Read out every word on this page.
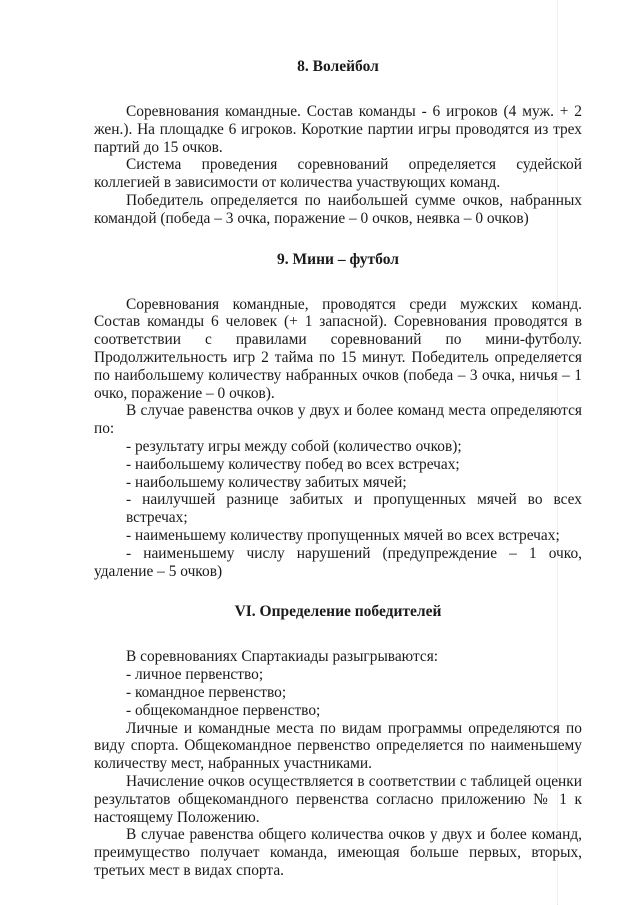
8. Волейбол

Соревнования командные. Состав команды - 6 игроков (4 муж. + 2 жен.). На площадке 6 игроков. Короткие партии игры проводятся из трех партий до 15 очков.

Система проведения соревнований определяется судейской коллегией в зависимости от количества участвующих команд.

Победитель определяется по наибольшей сумме очков, набранных командой (победа – 3 очка, поражение – 0 очков, неявка – 0 очков)

9. Мини – футбол

Соревнования командные, проводятся среди мужских команд. Состав команды 6 человек (+ 1 запасной). Соревнования проводятся в соответствии с правилами соревнований по мини-футболу. Продолжительность игр 2 тайма по 15 минут. Победитель определяется по наибольшему количеству набранных очков (победа – 3 очка, ничья – 1 очко, поражение – 0 очков).

В случае равенства очков у двух и более команд места определяются по:

- результату игры между собой (количество очков);

- наибольшему количеству побед во всех встречах;

- наибольшему количеству забитых мячей;

- наилучшей разнице забитых и пропущенных мячей во всех встречах;

- наименьшему количеству пропущенных мячей во всех встречах;

- наименьшему числу нарушений (предупреждение – 1 очко, удаление – 5 очков)

VI. Определение победителей

В соревнованиях Спартакиады разыгрываются:

- личное первенство;

- командное первенство;

- общекомандное первенство;

Личные и командные места по видам программы определяются по виду спорта. Общекомандное первенство определяется по наименьшему количеству мест, набранных участниками.

Начисление очков осуществляется в соответствии с таблицей оценки результатов общекомандного первенства согласно приложению № 1 к настоящему Положению.

В случае равенства общего количества очков у двух и более команд, преимущество получает команда, имеющая больше первых, вторых, третьих мест в видах спорта.
